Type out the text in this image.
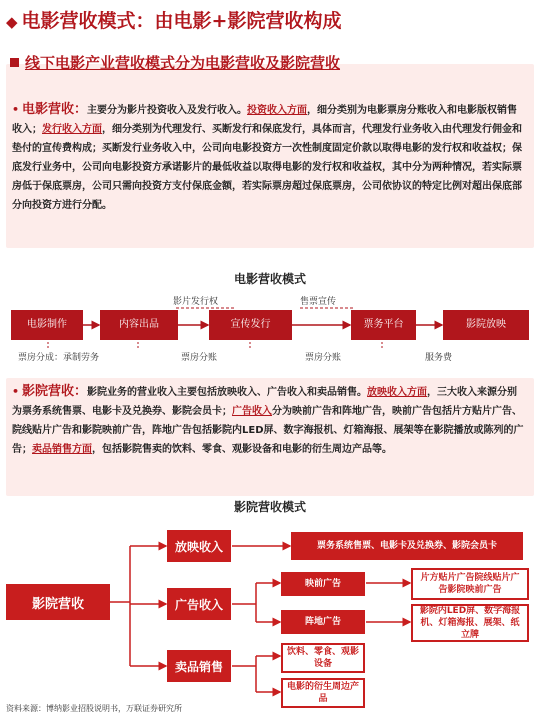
◆ 电影营收模式：由电影+影院营收构成
线下电影产业营收模式分为电影营收及影院营收
• 电影营收：主要分为影片投资收入及发行收入。投资收入方面，细分类别为电影票房分账收入和电影版权销售收入；发行收入方面，细分类别为代理发行、买断发行和保底发行，具体而言，代理发行业务收入由代理发行佣金和垫付的宣传费构成；买断发行业务收入中，公司向电影投资方一次性制度固定价款以取得电影的发行权和收益权；保底发行业务中，公司向电影投资方承诺影片的最低收益以取得电影的发行权和收益权，其中分为两种情况，若实际票房低于保底票房，公司只需向投资方支付保底金额，若实际票房超过保底票房，公司依协议的特定比例对超出保底部分向投资方进行分配。
电影营收模式
电影制作	内容出品	宣传发行	票务平台	影院放映
影片发行权	售票宣传
票房分成：承制劳务	票房分账	票房分账	服务费
• 影院营收：影院业务的营业收入主要包括放映收入、广告收入和卖品销售。放映收入方面，三大收入来源分别为票务系统售票、电影卡及兑换券、影院会员卡；广告收入分为映前广告和阵地广告，映前广告包括片方贴片广告、院线贴片广告和影院映前广告，阵地广告包括影院内LED屏、数字海报机、灯箱海报、展架等在影院播放或陈列的广告；卖品销售方面，包括影院售卖的饮料、零食、观影设备和电影的衍生周边产品等。
影院营收模式
影院营收
放映收入
广告收入
卖品销售
票务系统售票、电影卡及兑换券、影院会员卡
映前广告
阵地广告
片方贴片广告院线贴片广告影院映前广告
影院内LED屏、数字海报机、灯箱海报、展架、纸立牌
饮料、零食、观影设备
电影的衍生周边产品
资料来源：博纳影业招股说明书，万联证券研究所
